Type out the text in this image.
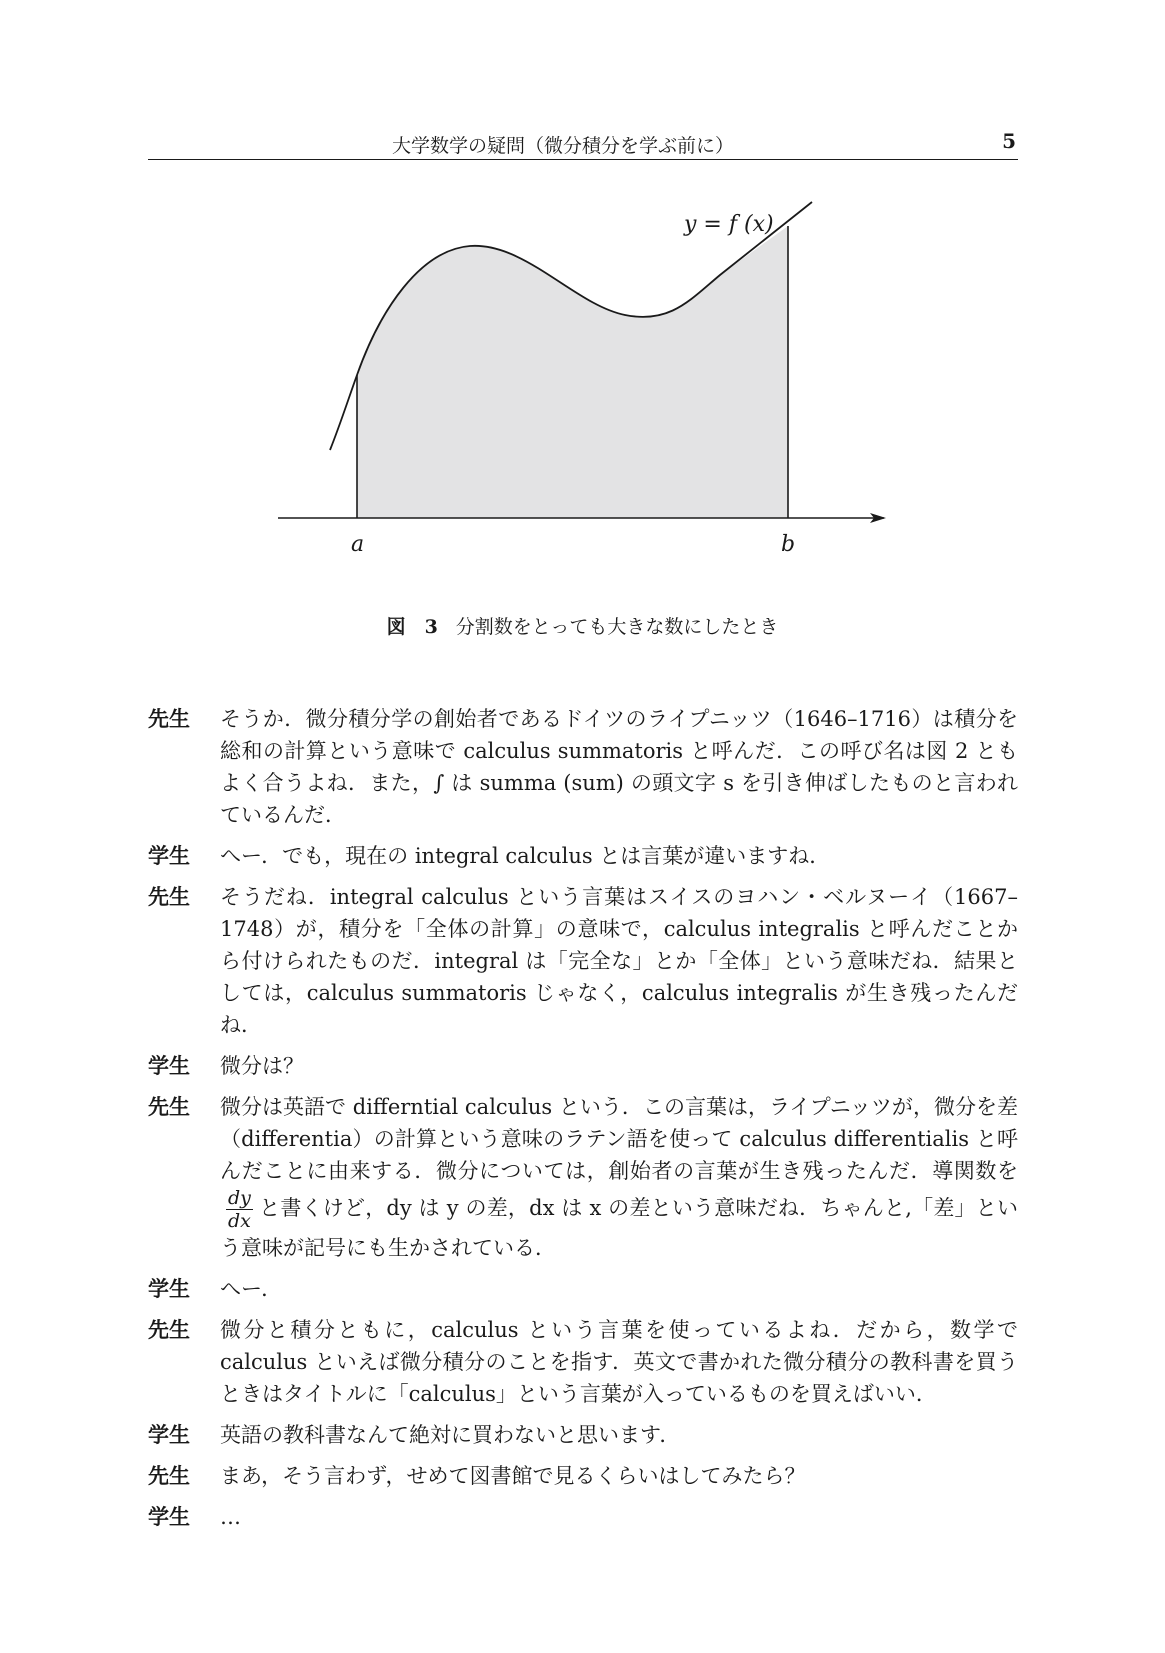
大学数学の疑問（微分積分を学ぶ前に）	5
y = f (x)
a	b
図　3 分割数をとっても大きな数にしたとき
先生	そうか．微分積分学の創始者であるドイツのライプニッツ（1646–1716）は積分を総和の計算という意味で calculus summatoris と呼んだ．この呼び名は図 2 ともよく合うよね．また，∫ は summa (sum) の頭文字 s を引き伸ばしたものと言われているんだ．
学生	へー．でも，現在の integral calculus とは言葉が違いますね．
先生	そうだね．integral calculus という言葉はスイスのヨハン・ベルヌーイ（1667–1748）が，積分を「全体の計算」の意味で，calculus integralis と呼んだことから付けられたものだ．integral は「完全な」とか「全体」という意味だね．結果としては，calculus summatoris じゃなく，calculus integralis が生き残ったんだね．
学生	微分は？
先生	微分は英語で differntial calculus という．この言葉は，ライプニッツが，微分を差（differentia）の計算という意味のラテン語を使って calculus differentialis と呼んだことに由来する．微分については，創始者の言葉が生き残ったんだ．導関数を
$\frac{dy}{dx}$ と書くけど，dy は y の差，dx は x の差という意味だね．ちゃんと,「差」という意味が記号にも生かされている．
学生	へー．
先生	微分と積分ともに，calculus という言葉を使っているよね．だから，数学で calculus といえば微分積分のことを指す．英文で書かれた微分積分の教科書を買うときはタイトルに「calculus」という言葉が入っているものを買えばいい．
学生	英語の教科書なんて絶対に買わないと思います．
先生	まあ，そう言わず，せめて図書館で見るくらいはしてみたら？
学生	…
